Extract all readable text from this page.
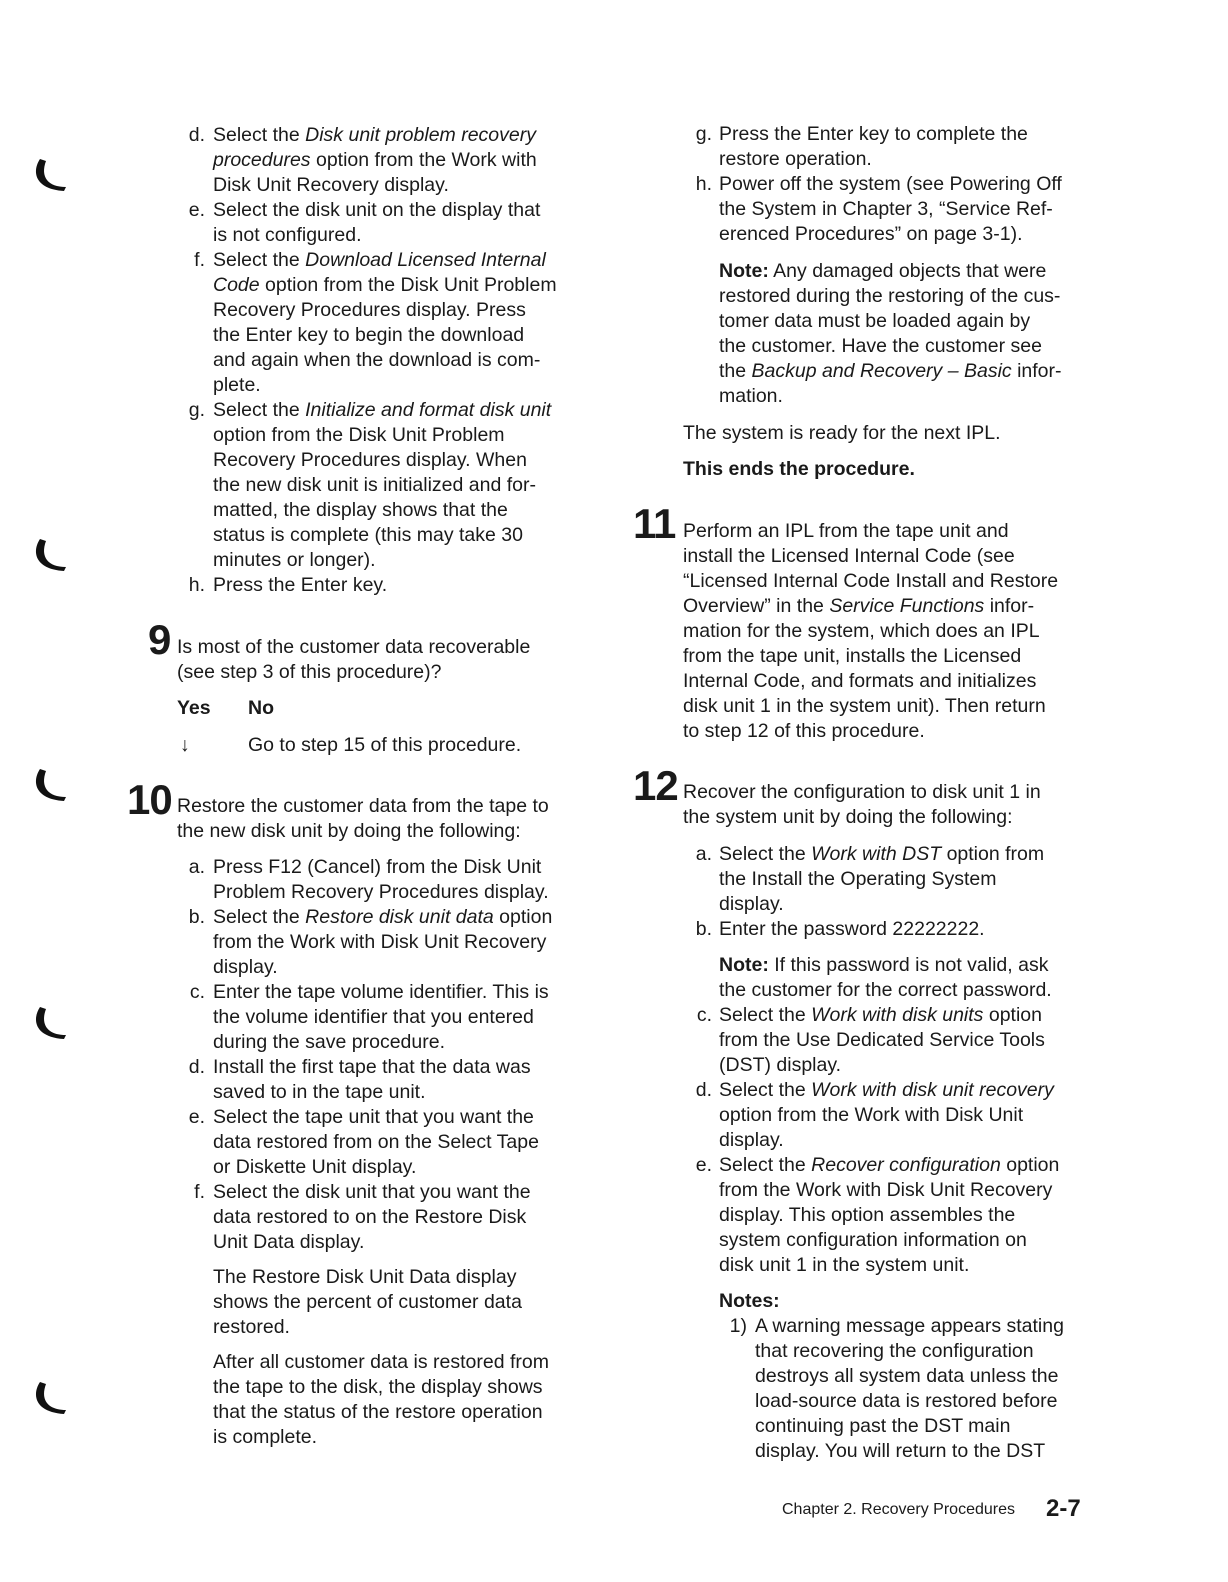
d. Select the Disk unit problem recovery
procedures option from the Work with
Disk Unit Recovery display.
e. Select the disk unit on the display that
is not configured.
f. Select the Download Licensed Internal
Code option from the Disk Unit Problem
Recovery Procedures display. Press
the Enter key to begin the download
and again when the download is com-
plete.
g. Select the Initialize and format disk unit
option from the Disk Unit Problem
Recovery Procedures display. When
the new disk unit is initialized and for-
matted, the display shows that the
status is complete (this may take 30
minutes or longer).
h. Press the Enter key.
9 Is most of the customer data recoverable
(see step 3 of this procedure)?
Yes No
↓	Go to step 15 of this procedure.
10 Restore the customer data from the tape to
the new disk unit by doing the following:
a. Press F12 (Cancel) from the Disk Unit
Problem Recovery Procedures display.
b. Select the Restore disk unit data option
from the Work with Disk Unit Recovery
display.
c. Enter the tape volume identifier. This is
the volume identifier that you entered
during the save procedure.
d. Install the first tape that the data was
saved to in the tape unit.
e. Select the tape unit that you want the
data restored from on the Select Tape
or Diskette Unit display.
f. Select the disk unit that you want the
data restored to on the Restore Disk
Unit Data display.
The Restore Disk Unit Data display
shows the percent of customer data
restored.
After all customer data is restored from
the tape to the disk, the display shows
that the status of the restore operation
is complete.
g. Press the Enter key to complete the
restore operation.
h. Power off the system (see Powering Off
the System in Chapter 3, “Service Ref-
erenced Procedures” on page 3-1).
Note: Any damaged objects that were
restored during the restoring of the cus-
tomer data must be loaded again by
the customer. Have the customer see
the Backup and Recovery – Basic infor-
mation.
The system is ready for the next IPL.
This ends the procedure.
11 Perform an IPL from the tape unit and
install the Licensed Internal Code (see
“Licensed Internal Code Install and Restore
Overview” in the Service Functions infor-
mation for the system, which does an IPL
from the tape unit, installs the Licensed
Internal Code, and formats and initializes
disk unit 1 in the system unit). Then return
to step 12 of this procedure.
12 Recover the configuration to disk unit 1 in
the system unit by doing the following:
a. Select the Work with DST option from
the Install the Operating System
display.
b. Enter the password 22222222.
Note: If this password is not valid, ask
the customer for the correct password.
c. Select the Work with disk units option
from the Use Dedicated Service Tools
(DST) display.
d. Select the Work with disk unit recovery
option from the Work with Disk Unit
display.
e. Select the Recover configuration option
from the Work with Disk Unit Recovery
display. This option assembles the
system configuration information on
disk unit 1 in the system unit.
Notes:
1) A warning message appears stating
that recovering the configuration
destroys all system data unless the
load-source data is restored before
continuing past the DST main
display. You will return to the DST
Chapter 2. Recovery Procedures 2-7
